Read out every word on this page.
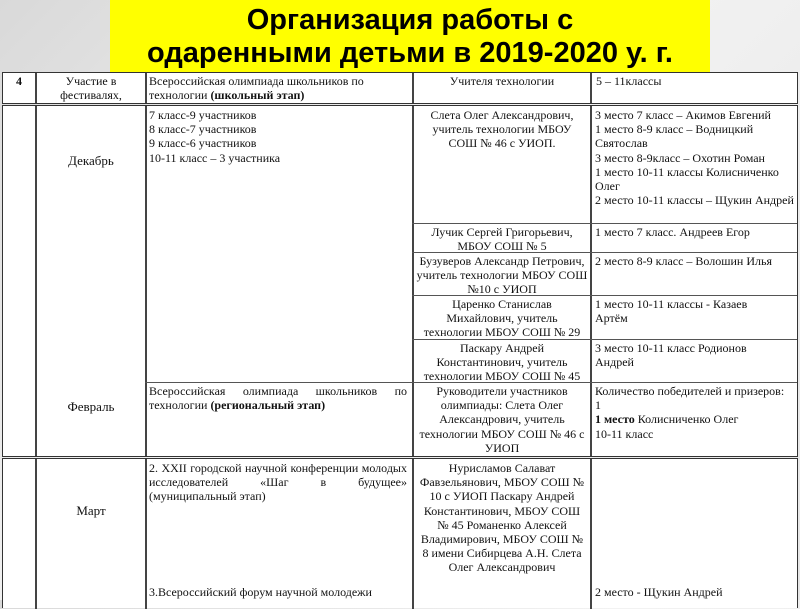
Организация работы с
одаренными детьми в 2019-2020 у. г.
4	Участие в
фестивалях,
Всероссийская олимпиада школьников по технологии (школьный этап)
Учителя технологии	5 – 11классы
Декабрь
7 класс-9 участников
8 класс-7 участников
9 класс-6 участников
10-11 класс – 3 участника
Слета Олег Александрович, учитель технологии МБОУ СОШ № 46 с УИОП.
3 место 7 класс – Акимов Евгений
1 место 8-9 класс – Водницкий Святослав
3 место 8-9класс – Охотин Роман
1 место 10-11 классы Колисниченко Олег
2 место 10-11 классы – Щукин Андрей
Лучик Сергей Григорьевич, МБОУ СОШ № 5
1 место 7 класс. Андреев Егор
Бузуверов Александр Петрович, учитель технологии МБОУ СОШ №10 с УИОП
2 место 8-9 класс – Волошин Илья
Царенко Станислав Михайлович, учитель технологии МБОУ СОШ № 29
1 место 10-11 классы - Казаев Артём
Паскару Андрей Константинович, учитель технологии МБОУ СОШ № 45
3 место 10-11 класс Родионов Андрей
Февраль
Всероссийская олимпиада школьников по технологии (региональный этап)
Руководители участников олимпиады: Слета Олег Александрович, учитель технологии МБОУ СОШ № 46 с УИОП
Количество победителей и призеров: 1
1 место Колисниченко Олег
10-11 класс
Март
2. XXII городской научной конференции молодых исследователей «Шаг в будущее» (муниципальный этап)
3.Всероссийский форум научной молодежи
Нурисламов Салават Фавзельянович, МБОУ СОШ № 10 с УИОП Паскару Андрей Константинович, МБОУ СОШ № 45 Романенко Алексей Владимирович, МБОУ СОШ № 8 имени Сибирцева А.Н. Слета Олег Александрович
2 место - Щукин Андрей
